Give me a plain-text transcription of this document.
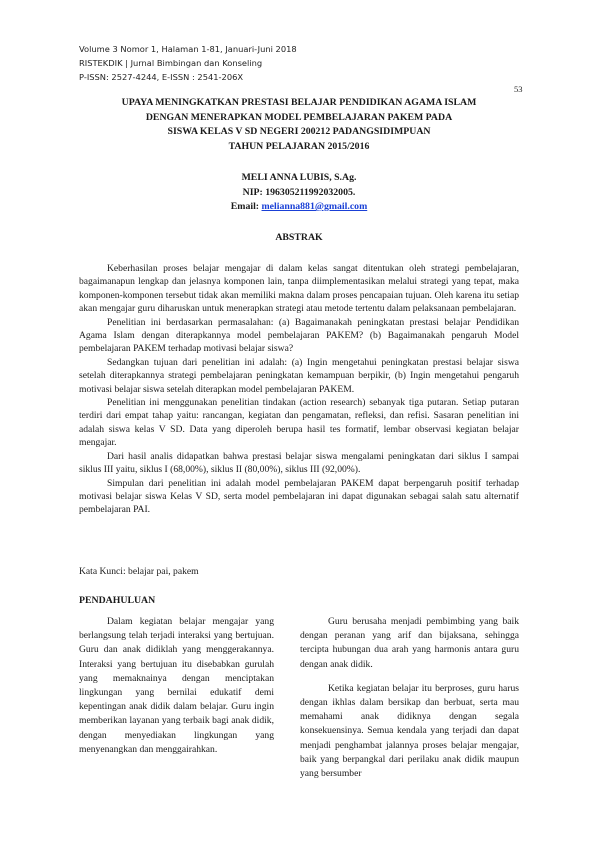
Volume 3 Nomor 1, Halaman 1-81, Januari-Juni 2018
RISTEKDIK | Jurnal Bimbingan dan Konseling
P-ISSN: 2527-4244, E-ISSN : 2541-206X
53
UPAYA MENINGKATKAN PRESTASI BELAJAR PENDIDIKAN AGAMA ISLAM
DENGAN MENERAPKAN MODEL PEMBELAJARAN PAKEM PADA
SISWA KELAS V SD NEGERI 200212 PADANGSIDIMPUAN
TAHUN PELAJARAN 2015/2016
MELI ANNA LUBIS, S.Ag.
NIP: 196305211992032005.
Email: melianna881@gmail.com
ABSTRAK

Keberhasilan proses belajar mengajar di dalam kelas sangat ditentukan oleh strategi pembelajaran, bagaimanapun lengkap dan jelasnya komponen lain, tanpa diimplementasikan melalui strategi yang tepat, maka komponen-komponen tersebut tidak akan memiliki makna dalam proses pencapaian tujuan. Oleh karena itu setiap akan mengajar guru diharuskan untuk menerapkan strategi atau metode tertentu dalam pelaksanaan pembelajaran.

Penelitian ini berdasarkan permasalahan: (a) Bagaimanakah peningkatan prestasi belajar Pendidikan Agama Islam dengan diterapkannya model pembelajaran PAKEM? (b) Bagaimanakah pengaruh Model pembelajaran PAKEM terhadap motivasi belajar siswa?

Sedangkan tujuan dari penelitian ini adalah: (a) Ingin mengetahui peningkatan prestasi belajar siswa setelah diterapkannya strategi pembelajaran peningkatan kemampuan berpikir, (b) Ingin mengetahui pengaruh motivasi belajar siswa setelah diterapkan model pembelajaran PAKEM.

Penelitian ini menggunakan penelitian tindakan (action research) sebanyak tiga putaran. Setiap putaran terdiri dari empat tahap yaitu: rancangan, kegiatan dan pengamatan, refleksi, dan refisi. Sasaran penelitian ini adalah siswa kelas V SD. Data yang diperoleh berupa hasil tes formatif, lembar observasi kegiatan belajar mengajar.

Dari hasil analis didapatkan bahwa prestasi belajar siswa mengalami peningkatan dari siklus I sampai siklus III yaitu, siklus I (68,00%), siklus II (80,00%), siklus III (92,00%).

Simpulan dari penelitian ini adalah model pembelajaran PAKEM dapat berpengaruh positif terhadap motivasi belajar siswa Kelas V SD, serta model pembelajaran ini dapat digunakan sebagai salah satu alternatif pembelajaran PAI.

Kata Kunci: belajar pai, pakem
PENDAHULUAN

Dalam kegiatan belajar mengajar yang berlangsung telah terjadi interaksi yang bertujuan. Guru dan anak didiklah yang menggerakannya. Interaksi yang bertujuan itu disebabkan gurulah yang memaknainya dengan menciptakan lingkungan yang bernilai edukatif demi kepentingan anak didik dalam belajar. Guru ingin memberikan layanan yang terbaik bagi anak didik, dengan menyediakan lingkungan yang menyenangkan dan menggairahkan.

Guru berusaha menjadi pembimbing yang baik dengan peranan yang arif dan bijaksana, sehingga tercipta hubungan dua arah yang harmonis antara guru dengan anak didik.

Ketika kegiatan belajar itu berproses, guru harus dengan ikhlas dalam bersikap dan berbuat, serta mau memahami anak didiknya dengan segala konsekuensinya. Semua kendala yang terjadi dan dapat menjadi penghambat jalannya proses belajar mengajar, baik yang berpangkal dari perilaku anak didik maupun yang bersumber
